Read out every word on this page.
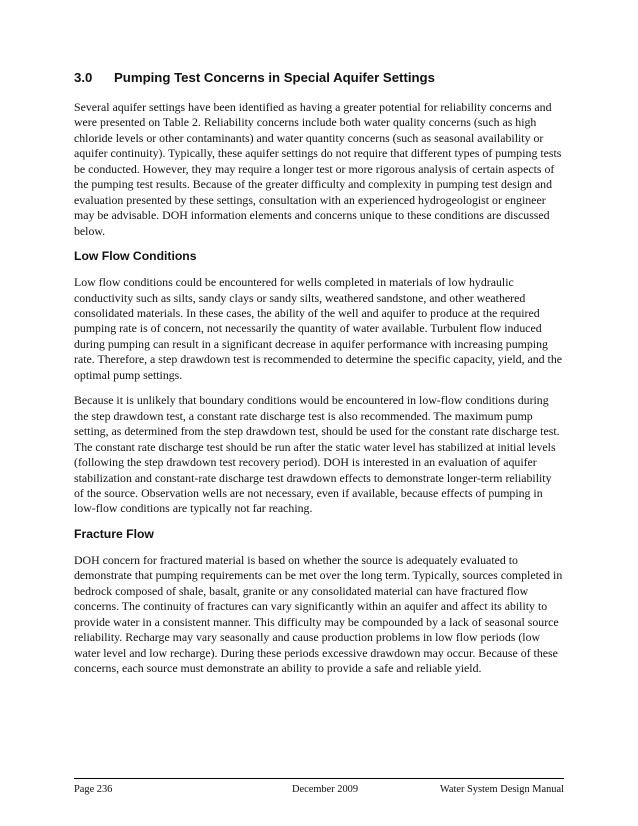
3.0 Pumping Test Concerns in Special Aquifer Settings

Several aquifer settings have been identified as having a greater potential for reliability concerns and were presented on Table 2. Reliability concerns include both water quality concerns (such as high chloride levels or other contaminants) and water quantity concerns (such as seasonal availability or aquifer continuity). Typically, these aquifer settings do not require that different types of pumping tests be conducted. However, they may require a longer test or more rigorous analysis of certain aspects of the pumping test results. Because of the greater difficulty and complexity in pumping test design and evaluation presented by these settings, consultation with an experienced hydrogeologist or engineer may be advisable. DOH information elements and concerns unique to these conditions are discussed below.

Low Flow Conditions

Low flow conditions could be encountered for wells completed in materials of low hydraulic conductivity such as silts, sandy clays or sandy silts, weathered sandstone, and other weathered consolidated materials. In these cases, the ability of the well and aquifer to produce at the required pumping rate is of concern, not necessarily the quantity of water available. Turbulent flow induced during pumping can result in a significant decrease in aquifer performance with increasing pumping rate. Therefore, a step drawdown test is recommended to determine the specific capacity, yield, and the optimal pump settings.

Because it is unlikely that boundary conditions would be encountered in low-flow conditions during the step drawdown test, a constant rate discharge test is also recommended. The maximum pump setting, as determined from the step drawdown test, should be used for the constant rate discharge test. The constant rate discharge test should be run after the static water level has stabilized at initial levels (following the step drawdown test recovery period). DOH is interested in an evaluation of aquifer stabilization and constant-rate discharge test drawdown effects to demonstrate longer-term reliability of the source. Observation wells are not necessary, even if available, because effects of pumping in low-flow conditions are typically not far reaching.

Fracture Flow

DOH concern for fractured material is based on whether the source is adequately evaluated to demonstrate that pumping requirements can be met over the long term. Typically, sources completed in bedrock composed of shale, basalt, granite or any consolidated material can have fractured flow concerns. The continuity of fractures can vary significantly within an aquifer and affect its ability to provide water in a consistent manner. This difficulty may be compounded by a lack of seasonal source reliability. Recharge may vary seasonally and cause production problems in low flow periods (low water level and low recharge). During these periods excessive drawdown may occur. Because of these concerns, each source must demonstrate an ability to provide a safe and reliable yield.

Page 236	December 2009	Water System Design Manual
